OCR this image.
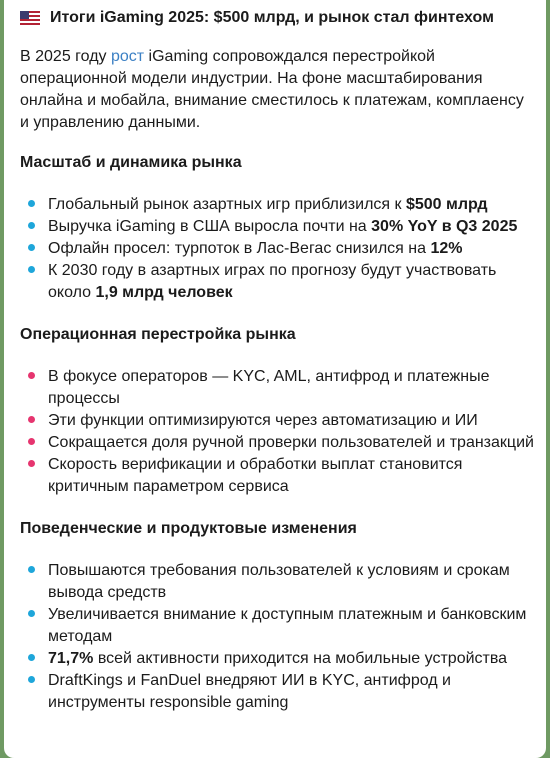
Итоги iGaming 2025: $500 млрд, и рынок стал финтехом

В 2025 году рост iGaming сопровождался перестройкой операционной модели индустрии. На фоне масштабирования онлайна и мобайла, внимание сместилось к платежам, комплаенсу и управлению данными.

Масштаб и динамика рынка
Глобальный рынок азартных игр приблизился к $500 млрд
Выручка iGaming в США выросла почти на 30% YoY в Q3 2025
Офлайн просел: турпоток в Лас-Вегас снизился на 12%
К 2030 году в азартных играх по прогнозу будут участвовать около 1,9 млрд человек
Операционная перестройка рынка
В фокусе операторов — KYC, AML, антифрод и платежные процессы
Эти функции оптимизируются через автоматизацию и ИИ
Сокращается доля ручной проверки пользователей и транзакций
Скорость верификации и обработки выплат становится критичным параметром сервиса
Поведенческие и продуктовые изменения
Повышаются требования пользователей к условиям и срокам вывода средств
Увеличивается внимание к доступным платежным и банковским методам
71,7% всей активности приходится на мобильные устройства
DraftKings и FanDuel внедряют ИИ в KYC, антифрод и инструменты responsible gaming
